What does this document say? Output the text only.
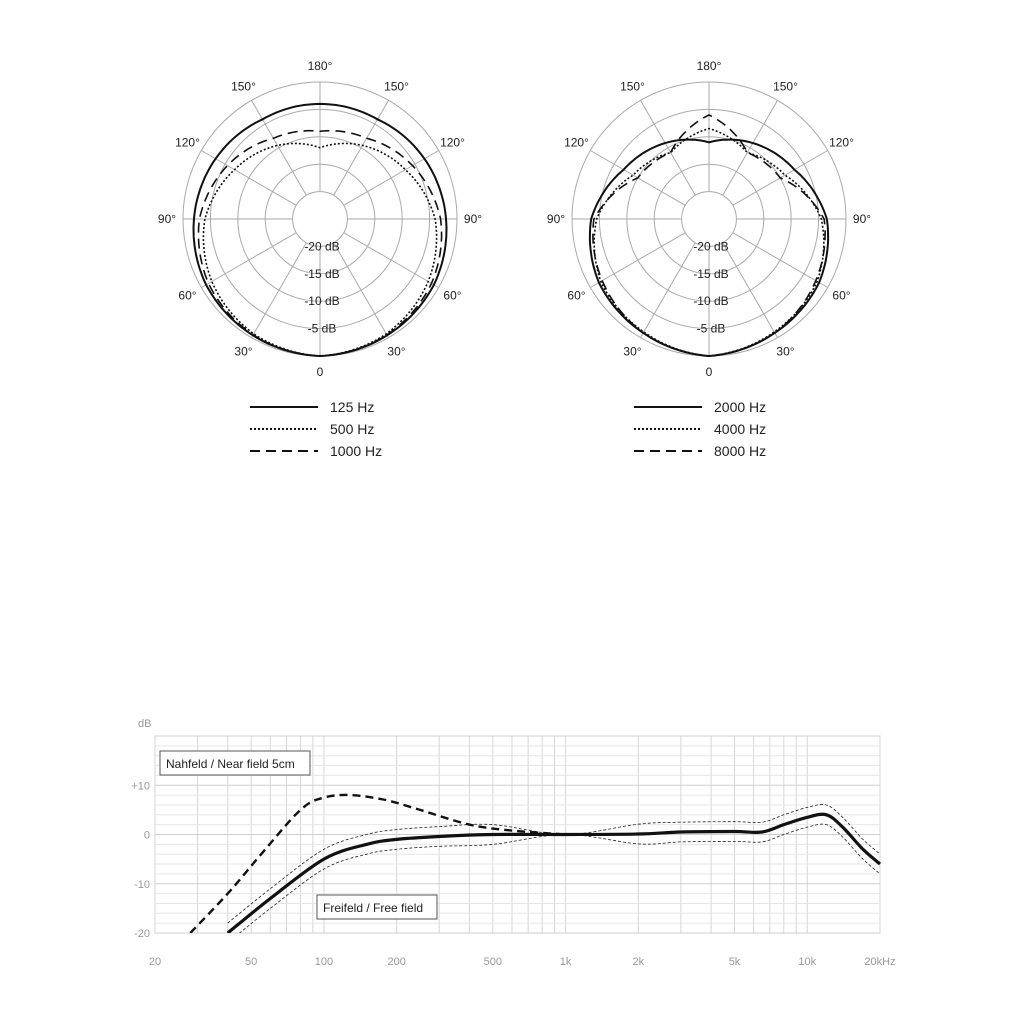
0
30°
60°
90°
120°
150°
180°
150°
120°
90°
60°
30°
-20 dB
-15 dB
-10 dB
-5 dB
0
30°
60°
90°
120°
150°
180°
150°
120°
90°
60°
30°
-20 dB
-15 dB
-10 dB
-5 dB
125 Hz
500 Hz
1000 Hz
2000 Hz
4000 Hz
8000 Hz
20	50	100	200	500	1k	2k	5k	10k	20kHz
+10
0
-10
-20
dB
Nahfeld / Near field 5cm
Freifeld / Free field
